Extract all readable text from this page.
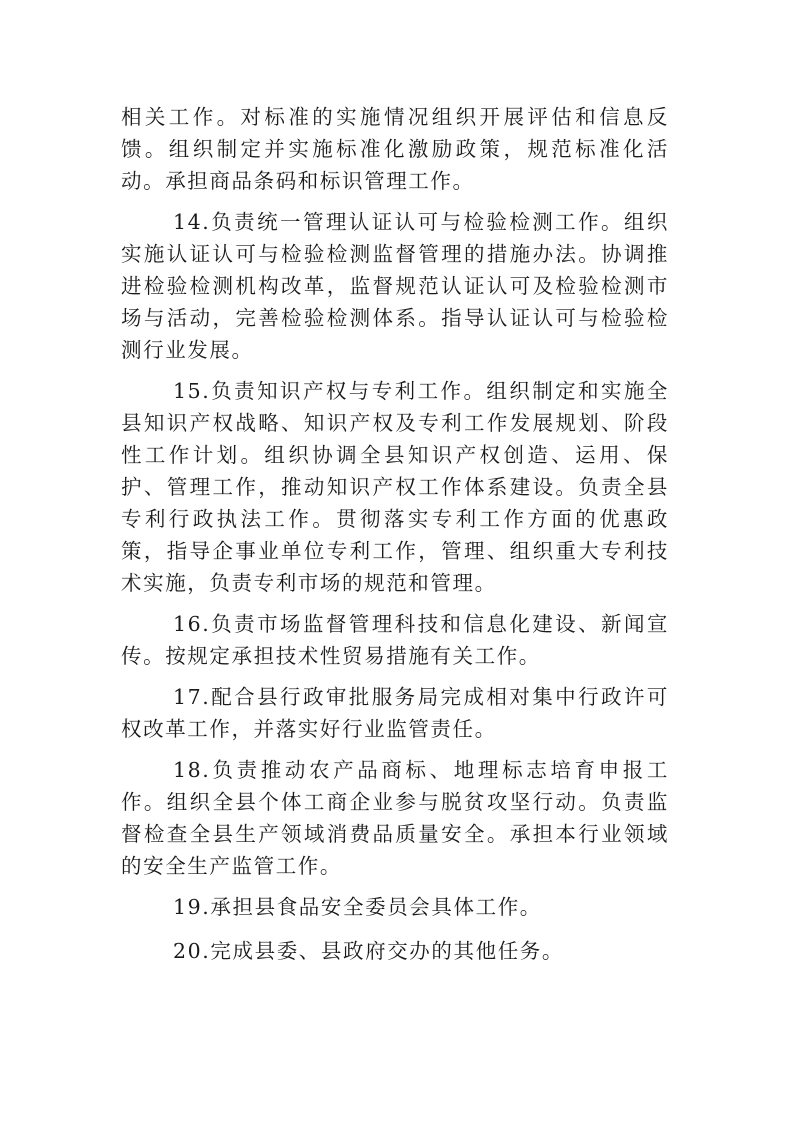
相关工作。对标准的实施情况组织开展评估和信息反馈。组织制定并实施标准化激励政策，规范标准化活动。承担商品条码和标识管理工作。

14.负责统一管理认证认可与检验检测工作。组织实施认证认可与检验检测监督管理的措施办法。协调推进检验检测机构改革，监督规范认证认可及检验检测市场与活动，完善检验检测体系。指导认证认可与检验检测行业发展。

15.负责知识产权与专利工作。组织制定和实施全县知识产权战略、知识产权及专利工作发展规划、阶段性工作计划。组织协调全县知识产权创造、运用、保护、管理工作，推动知识产权工作体系建设。负责全县专利行政执法工作。贯彻落实专利工作方面的优惠政策，指导企事业单位专利工作，管理、组织重大专利技术实施，负责专利市场的规范和管理。

16.负责市场监督管理科技和信息化建设、新闻宣传。按规定承担技术性贸易措施有关工作。

17.配合县行政审批服务局完成相对集中行政许可权改革工作，并落实好行业监管责任。

18.负责推动农产品商标、地理标志培育申报工作。组织全县个体工商企业参与脱贫攻坚行动。负责监督检查全县生产领域消费品质量安全。承担本行业领域的安全生产监管工作。

19.承担县食品安全委员会具体工作。

20.完成县委、县政府交办的其他任务。
